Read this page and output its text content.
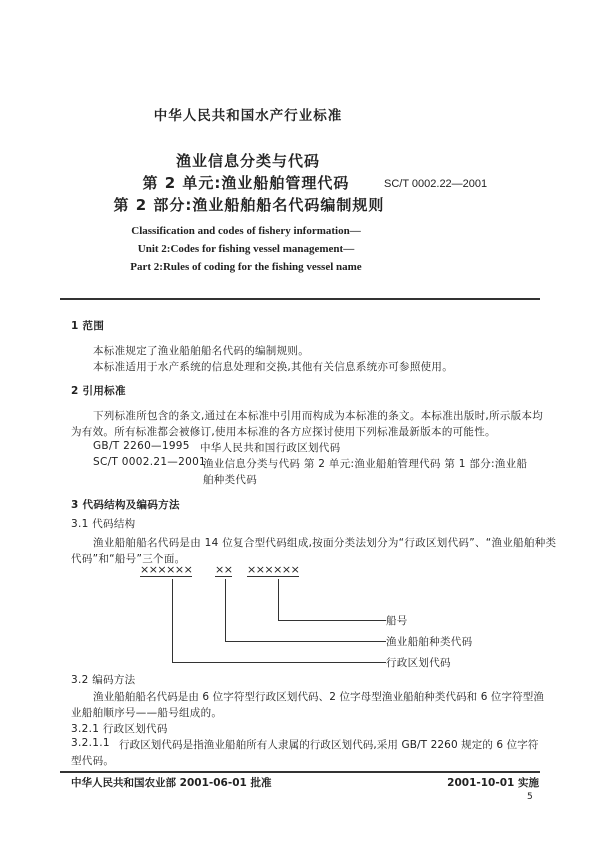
中华人民共和国水产行业标准
渔业信息分类与代码
第 2 单元:渔业船舶管理代码
第 2 部分:渔业船舶船名代码编制规则
SC/T 0002.22—2001
Classification and codes of fishery information—
Unit 2:Codes for fishing vessel management—
Part 2:Rules of coding for the fishing vessel name
1 范围
本标准规定了渔业船舶船名代码的编制规则。
本标准适用于水产系统的信息处理和交换,其他有关信息系统亦可参照使用。
2 引用标准
下列标准所包含的条文,通过在本标准中引用而构成为本标准的条文。本标准出版时,所示版本均
为有效。所有标准都会被修订,使用本标准的各方应探讨使用下列标准最新版本的可能性。
GB/T 2260—1995 中华人民共和国行政区划代码
SC/T 0002.21—2001
渔业信息分类与代码 第 2 单元:渔业船舶管理代码 第 1 部分:渔业船
舶种类代码
3 代码结构及编码方法
3.1 代码结构
渔业船舶船名代码是由 14 位复合型代码组成,按面分类法划分为“行政区划代码”、“渔业船舶种类
代码”和“船号”三个面。
×××××× ×× ××××××
船号
渔业船舶种类代码
行政区划代码
3.2 编码方法
渔业船舶船名代码是由 6 位字符型行政区划代码、2 位字母型渔业船舶种类代码和 6 位字符型渔
业船舶顺序号——船号组成的。
3.2.1 行政区划代码
3.2.1.1 行政区划代码是指渔业船舶所有人隶属的行政区划代码,采用 GB/T 2260 规定的 6 位字符
型代码。
中华人民共和国农业部 2001-06-01 批准	2001-10-01 实施
5
